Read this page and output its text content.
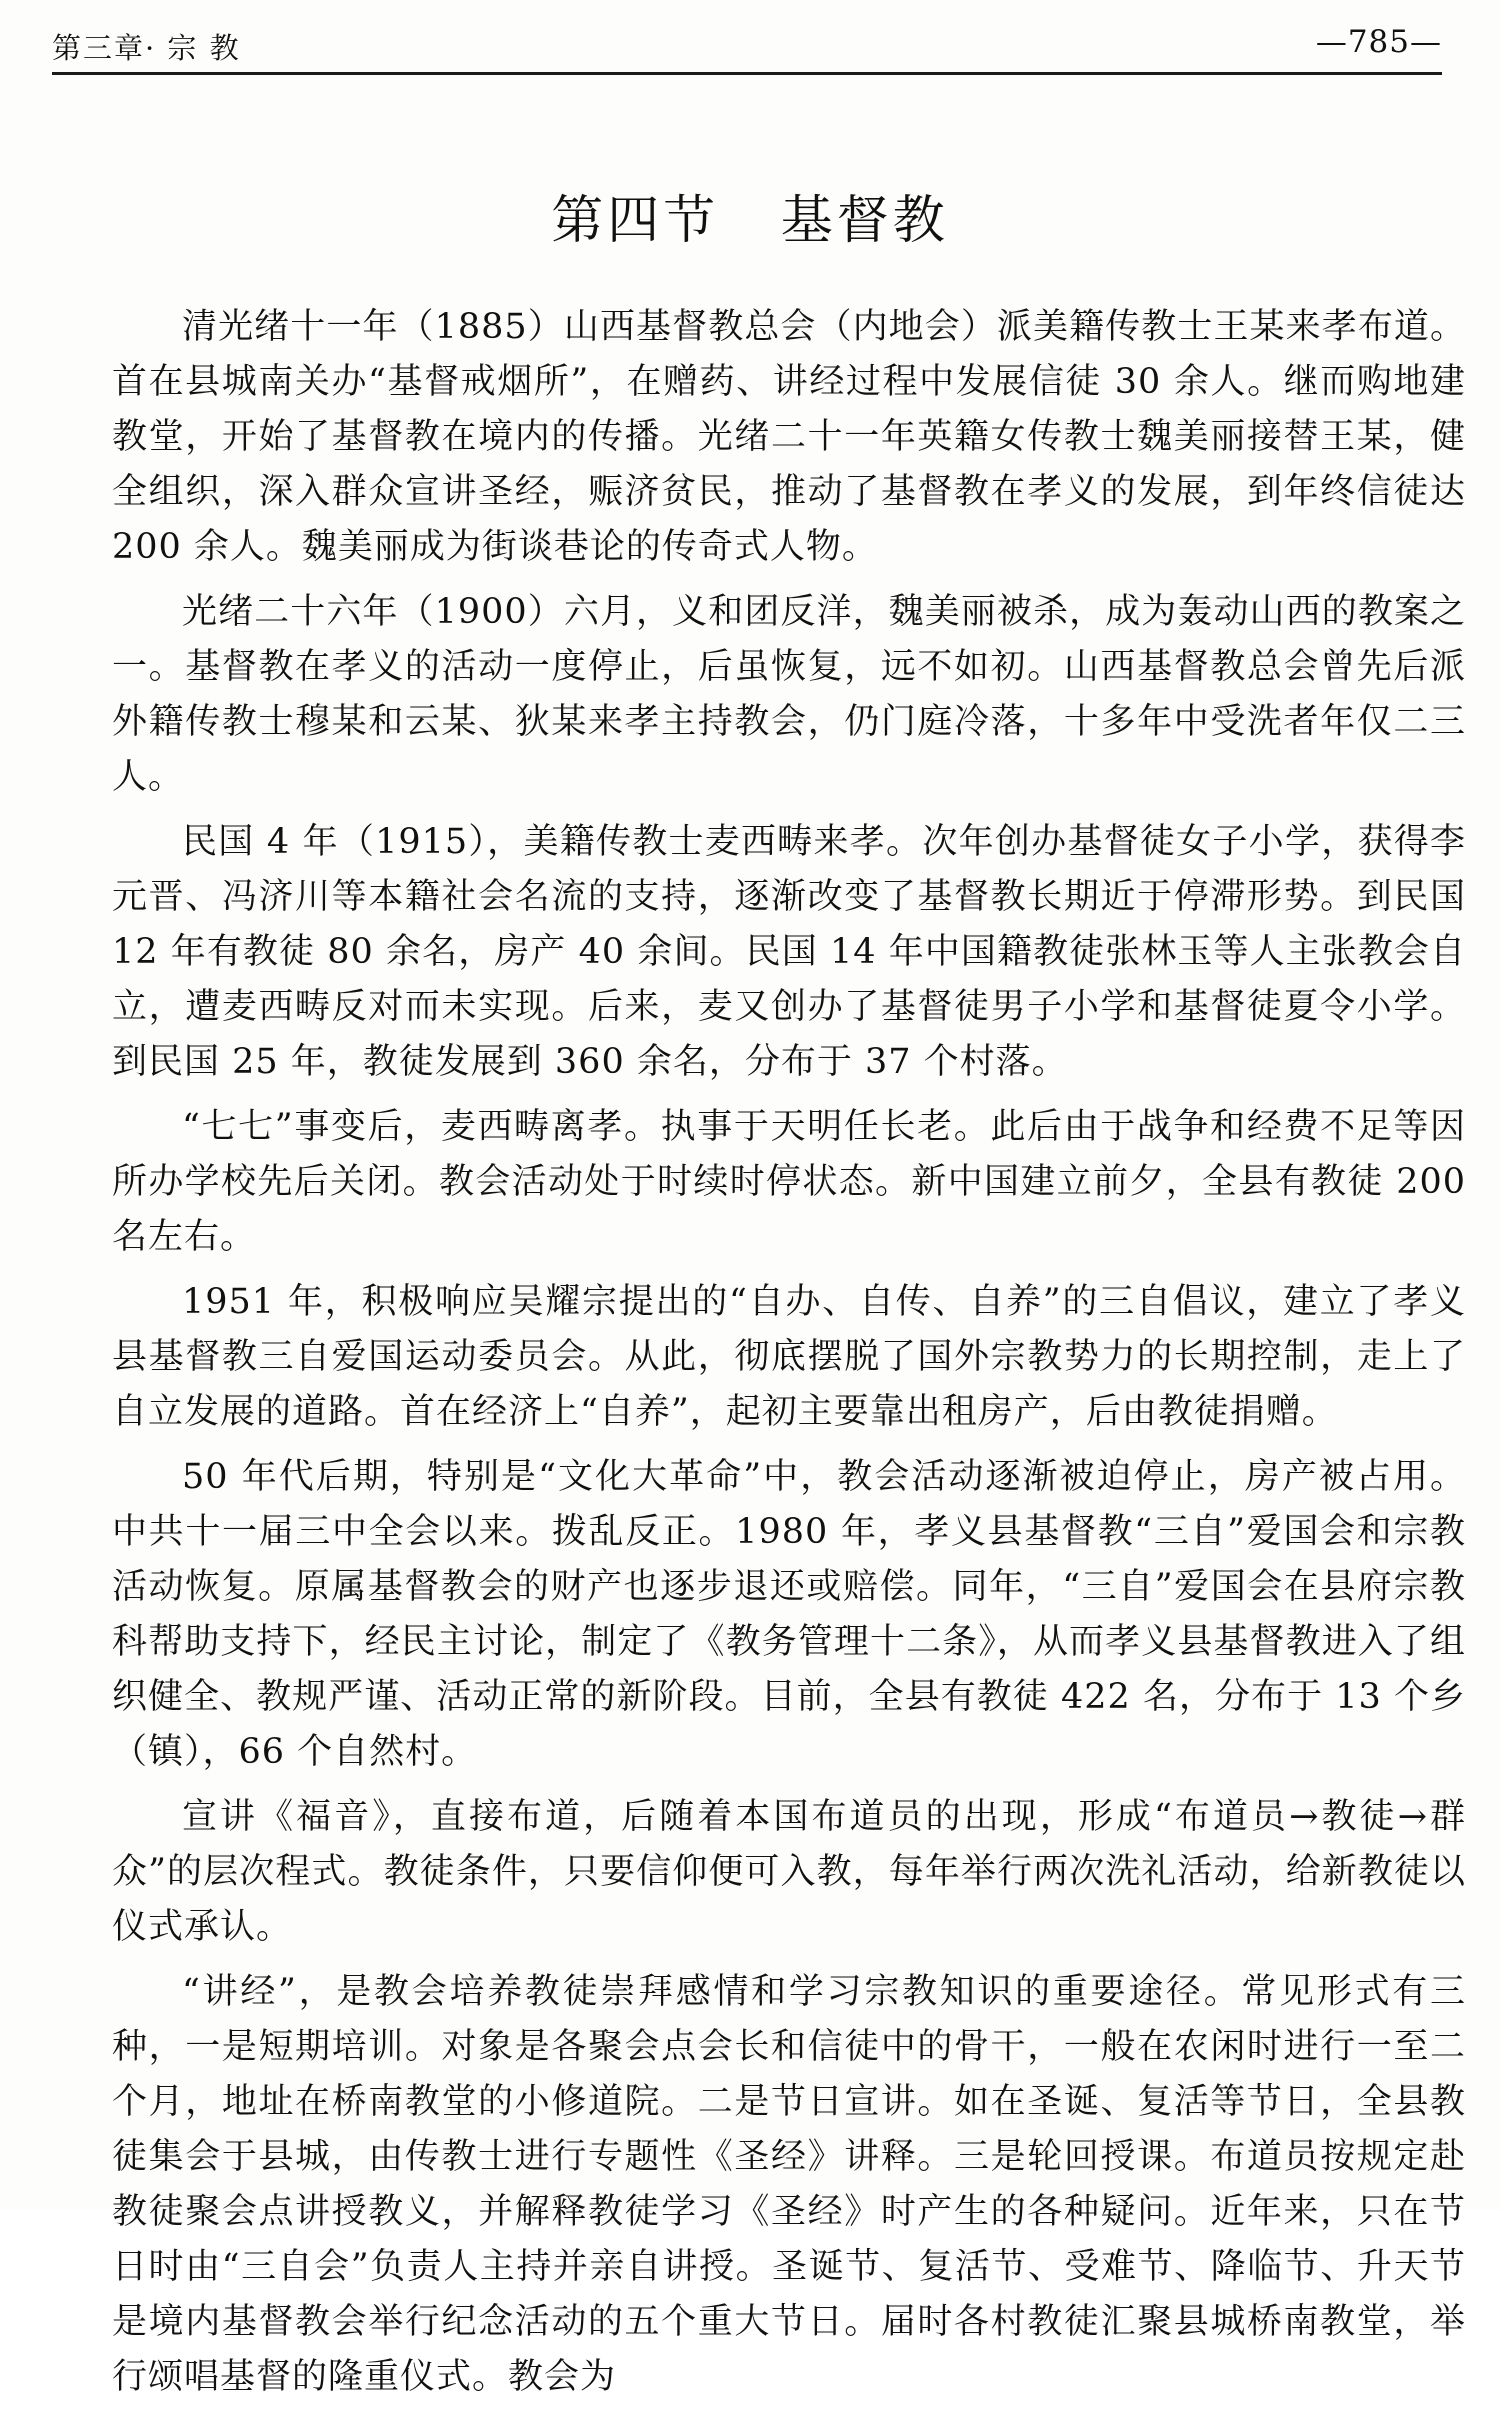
第三章· 宗 教	—785—
第四节   基督教

清光绪十一年（1885）山西基督教总会（内地会）派美籍传教士王某来孝布道。首在县城南关办“基督戒烟所”，在赠药、讲经过程中发展信徒 30 余人。继而购地建教堂，开始了基督教在境内的传播。光绪二十一年英籍女传教士魏美丽接替王某，健全组织，深入群众宣讲圣经，赈济贫民，推动了基督教在孝义的发展，到年终信徒达 200 余人。魏美丽成为街谈巷论的传奇式人物。

光绪二十六年（1900）六月，义和团反洋，魏美丽被杀，成为轰动山西的教案之一。基督教在孝义的活动一度停止，后虽恢复，远不如初。山西基督教总会曾先后派外籍传教士穆某和云某、狄某来孝主持教会，仍门庭冷落，十多年中受洗者年仅二三人。

民国 4 年（1915），美籍传教士麦西畴来孝。次年创办基督徒女子小学，获得李元晋、冯济川等本籍社会名流的支持，逐渐改变了基督教长期近于停滞形势。到民国 12 年有教徒 80 余名，房产 40 余间。民国 14 年中国籍教徒张林玉等人主张教会自立，遭麦西畴反对而未实现。后来，麦又创办了基督徒男子小学和基督徒夏令小学。到民国 25 年，教徒发展到 360 余名，分布于 37 个村落。

“七七”事变后，麦西畴离孝。执事于天明任长老。此后由于战争和经费不足等因所办学校先后关闭。教会活动处于时续时停状态。新中国建立前夕，全县有教徒 200 名左右。

1951 年，积极响应吴耀宗提出的“自办、自传、自养”的三自倡议，建立了孝义县基督教三自爱国运动委员会。从此，彻底摆脱了国外宗教势力的长期控制，走上了自立发展的道路。首在经济上“自养”，起初主要靠出租房产，后由教徒捐赠。

50 年代后期，特别是“文化大革命”中，教会活动逐渐被迫停止，房产被占用。中共十一届三中全会以来。拨乱反正。1980 年，孝义县基督教“三自”爱国会和宗教活动恢复。原属基督教会的财产也逐步退还或赔偿。同年，“三自”爱国会在县府宗教科帮助支持下，经民主讨论，制定了《教务管理十二条》，从而孝义县基督教进入了组织健全、教规严谨、活动正常的新阶段。目前，全县有教徒 422 名，分布于 13 个乡（镇），66 个自然村。

宣讲《福音》，直接布道，后随着本国布道员的出现，形成“布道员→教徒→群众”的层次程式。教徒条件，只要信仰便可入教，每年举行两次洗礼活动，给新教徒以仪式承认。

“讲经”，是教会培养教徒崇拜感情和学习宗教知识的重要途径。常见形式有三种，一是短期培训。对象是各聚会点会长和信徒中的骨干，一般在农闲时进行一至二个月，地址在桥南教堂的小修道院。二是节日宣讲。如在圣诞、复活等节日，全县教徒集会于县城，由传教士进行专题性《圣经》讲释。三是轮回授课。布道员按规定赴教徒聚会点讲授教义，并解释教徒学习《圣经》时产生的各种疑问。近年来，只在节日时由“三自会”负责人主持并亲自讲授。圣诞节、复活节、受难节、降临节、升天节是境内基督教会举行纪念活动的五个重大节日。届时各村教徒汇聚县城桥南教堂，举行颂唱基督的隆重仪式。教会为
